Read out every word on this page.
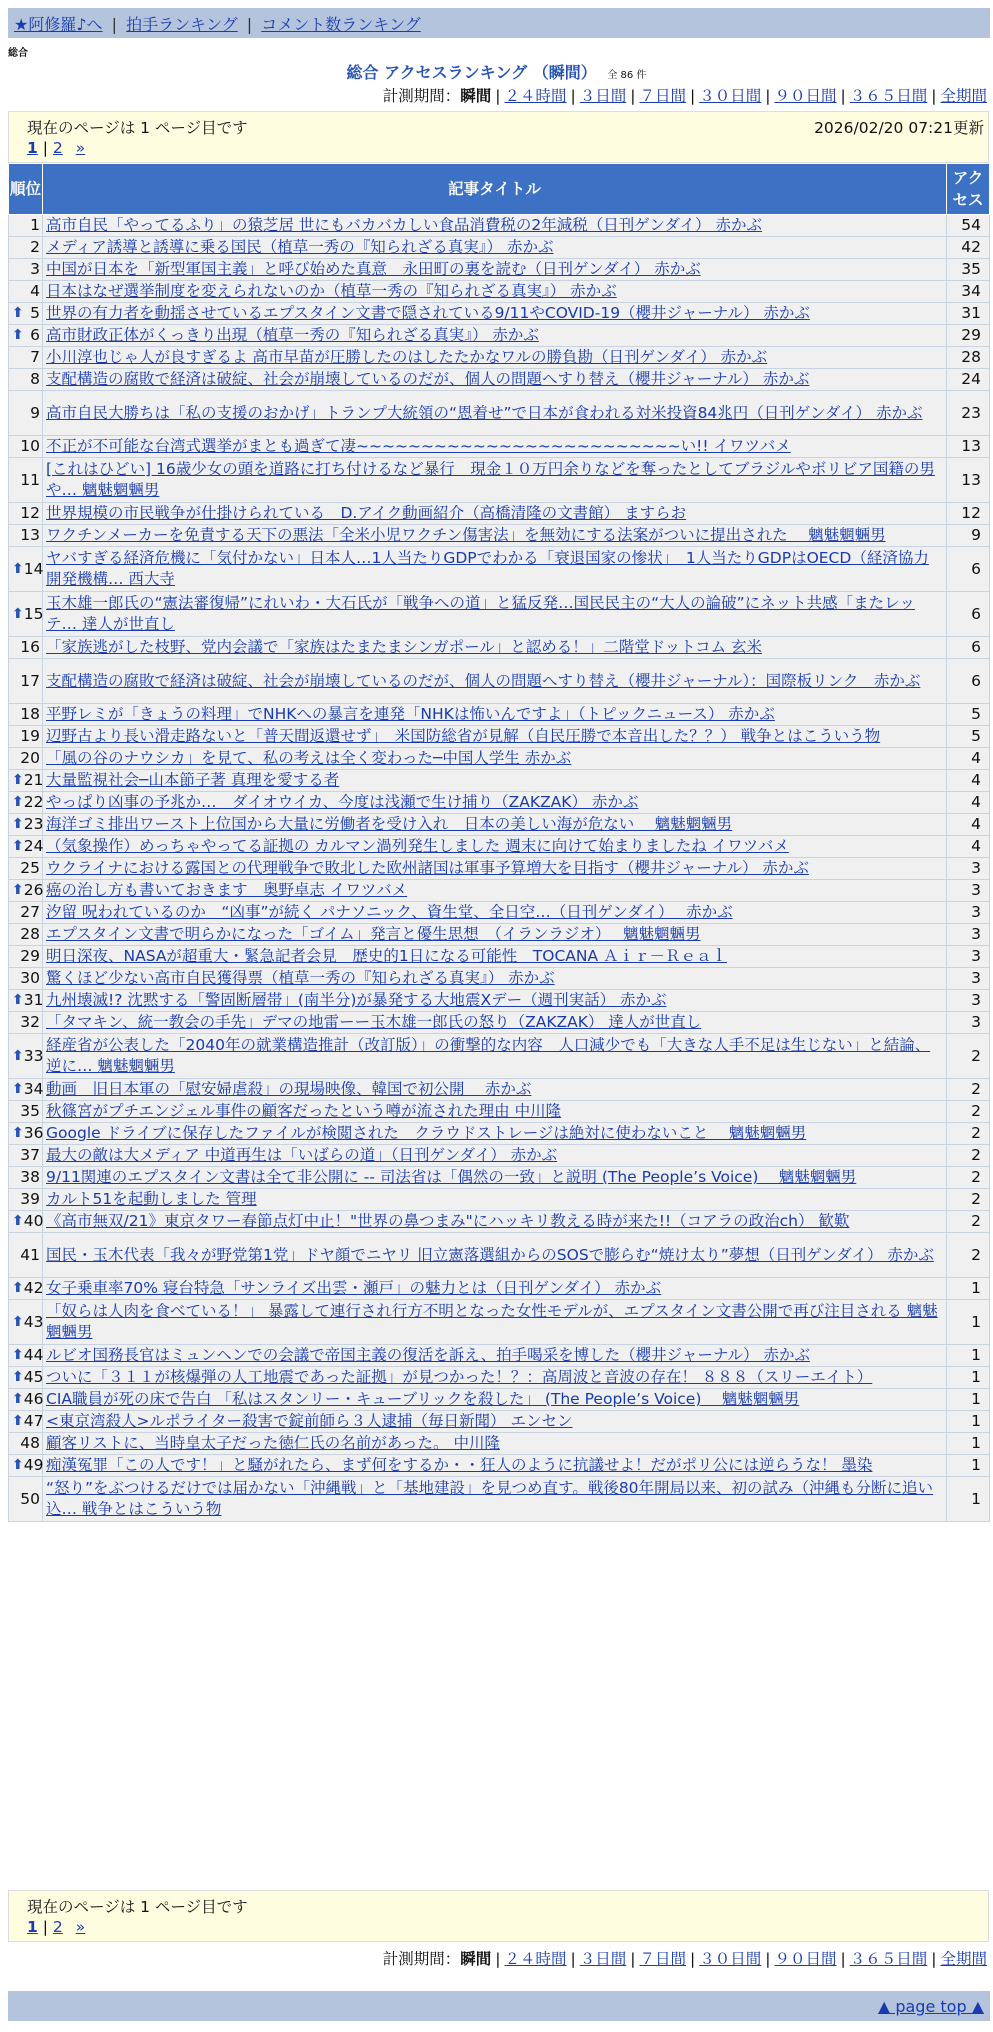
★阿修羅♪へ | 拍手ランキング | コメント数ランキング
総合
総合 アクセスランキング （瞬間） 全 86 件
計測期間：瞬間 | ２４時間 | ３日間 | ７日間 | ３０日間 | ９０日間 | ３６５日間 | 全期間
現在のページは 1 ページ目です	2026/02/20 07:21更新
1 | 2 »
順位	記事タイトル	アクセス
1	高市自民「やってるふり」の猿芝居 世にもバカバカしい食品消費税の2年減税（日刊ゲンダイ） 赤かぶ	54
2	メディア誘導と誘導に乗る国民（植草一秀の『知られざる真実』） 赤かぶ	42
3	中国が日本を「新型軍国主義」と呼び始めた真意　永田町の裏を読む（日刊ゲンダイ） 赤かぶ	35
4	日本はなぜ選挙制度を変えられないのか（植草一秀の『知られざる真実』） 赤かぶ	34

⬆ 5	世界の有力者を動揺させているエプスタイン文書で隠されている9/11やCOVID-19（櫻井ジャーナル） 赤かぶ	31

⬆ 6	高市財政正体がくっきり出現（植草一秀の『知られざる真実』） 赤かぶ	29
7	小川淳也じゃ人が良すぎるよ 高市早苗が圧勝したのはしたたかなワルの勝負勘（日刊ゲンダイ） 赤かぶ	28
8	支配構造の腐敗で経済は破綻、社会が崩壊しているのだが、個人の問題へすり替え（櫻井ジャーナル） 赤かぶ	24
9	高市自民大勝ちは「私の支援のおかげ」トランプ大統領の“恩着せ”で日本が食われる対米投資84兆円（日刊ゲンダイ） 赤かぶ	23
10	不正が不可能な台湾式選挙がまとも過ぎて凄~~~~~~~~~~~~~~~~~~~~~~~~~い!! イワツバメ	13
11	[これはひどい] 16歳少女の頭を道路に打ち付けるなど暴行　現金１０万円余りなどを奪ったとしてブラジルやボリビア国籍の男や… 魑魅魍魎男	13
12	世界規模の市民戦争が仕掛けられている　D.アイク動画紹介（高橋清隆の文書館） ますらお	12
13	ワクチンメーカーを免責する天下の悪法「全米小児ワクチン傷害法」を無効にする法案がついに提出された　 魑魅魍魎男	9

⬆ 14	ヤバすぎる経済危機に「気付かない」日本人…1人当たりGDPでわかる「衰退国家の惨状」　1人当たりGDPはOECD（経済協力開発機構… 西大寺	6

⬆ 15	玉木雄一郎氏の“憲法審復帰”にれいわ・大石氏が「戦争への道」と猛反発…国民民主の“大人の論破”にネット共感「またレッテ… 達人が世直し	6
16	「家族逃がした枝野、党内会議で「家族はたまたまシンガポール」と認める！」二階堂ドットコム 玄米	6
17	支配構造の腐敗で経済は破綻、社会が崩壊しているのだが、個人の問題へすり替え（櫻井ジャーナル）：国際板リンク　赤かぶ	6
18	平野レミが「きょうの料理」でNHKへの暴言を連発「NHKは怖いんですよ」（トピックニュース） 赤かぶ	5
19	辺野古より長い滑走路ないと「普天間返還せず」　米国防総省が見解（自民圧勝で本音出した？？） 戦争とはこういう物	5
20	「風の谷のナウシカ」を見て、私の考えは全く変わった─中国人学生 赤かぶ	4

⬆ 21	大量監視社会─山本節子著 真理を愛する者	4

⬆ 22	やっぱり凶事の予兆か…　ダイオウイカ、今度は浅瀬で生け捕り（ZAKZAK） 赤かぶ	4

⬆ 23	海洋ゴミ排出ワースト上位国から大量に労働者を受け入れ　日本の美しい海が危ない　 魑魅魍魎男	4

⬆ 24	（気象操作）めっちゃやってる証拠の カルマン渦列発生しました 週末に向けて始まりましたね イワツバメ	4
25	ウクライナにおける露国との代理戦争で敗北した欧州諸国は軍事予算増大を目指す（櫻井ジャーナル） 赤かぶ	3

⬆ 26	癌の治し方も書いておきます　奥野卓志 イワツバメ	3
27	汐留 呪われているのか　“凶事”が続く パナソニック、資生堂、全日空…（日刊ゲンダイ）　 赤かぶ	3
28	エプスタイン文書で明らかになった「ゴイム」発言と優生思想　（イランラジオ）　 魑魅魍魎男	3
29	明日深夜、NASAが超重大・緊急記者会見　歴史的1日になる可能性　TOCANA Ａｉｒ－Ｒｅａｌ	3
30	驚くほど少ない高市自民獲得票（植草一秀の『知られざる真実』） 赤かぶ	3

⬆ 31	九州壊滅!? 沈黙する「警固断層帯」(南半分)が暴発する大地震Xデー（週刊実話） 赤かぶ	3
32	「タマキン、統一教会の手先」デマの地雷ーー玉木雄一郎氏の怒り（ZAKZAK） 達人が世直し	3

⬆ 33	経産省が公表した「2040年の就業構造推計（改訂版）」の衝撃的な内容　人口減少でも「大きな人手不足は生じない」と結論、逆に… 魑魅魍魎男	2

⬆ 34	動画　旧日本軍の「慰安婦虐殺」の現場映像、韓国で初公開　 赤かぶ	2
35	秋篠宮がプチエンジェル事件の顧客だったという噂が流された理由 中川隆	2

⬆ 36	Google ドライブに保存したファイルが検閲された　クラウドストレージは絶対に使わないこと　 魑魅魍魎男	2
37	最大の敵は大メディア 中道再生は「いばらの道」（日刊ゲンダイ） 赤かぶ	2
38	9/11関連のエプスタイン文書は全て非公開に -- 司法省は「偶然の一致」と説明 (The People’s Voice)　 魑魅魍魎男	2
39	カルト51を起動しました 管理	2

⬆ 40	《高市無双/21》東京タワー春節点灯中止！"世界の鼻つまみ"にハッキリ教える時が来た!!（コアラの政治ch） 歓歎	2
41	国民・玉木代表「我々が野党第1党」ドヤ顔でニヤリ 旧立憲落選組からのSOSで膨らむ“焼け太り”夢想（日刊ゲンダイ） 赤かぶ	2

⬆ 42	女子乗車率70% 寝台特急「サンライズ出雲・瀬戸」の魅力とは（日刊ゲンダイ） 赤かぶ	1

⬆ 43	「奴らは人肉を食べている！」 暴露して連行され行方不明となった女性モデルが、エプスタイン文書公開で再び注目される 魑魅魍魎男	1

⬆ 44	ルビオ国務長官はミュンヘンでの会議で帝国主義の復活を訴え、拍手喝采を博した（櫻井ジャーナル） 赤かぶ	1

⬆ 45	ついに「３１１が核爆弾の人工地震であった証拠」が見つかった！？：高周波と音波の存在！ ８８８（スリーエイト）	1

⬆ 46	CIA職員が死の床で告白 「私はスタンリー・キューブリックを殺した」 (The People’s Voice)　 魑魅魍魎男	1

⬆ 47	<東京湾殺人>ルポライター殺害で錠前師ら３人逮捕（毎日新聞） エンセン	1
48	顧客リストに、当時皇太子だった徳仁氏の名前があった。 中川隆	1

⬆ 49	痴漢冤罪「この人です！」と騒がれたら、まず何をするか・・狂人のように抗議せよ！だがポリ公には逆らうな！ 墨染	1
50	“怒り”をぶつけるだけでは届かない「沖縄戦」と「基地建設」を見つめ直す。戦後80年開局以来、初の試み（沖縄も分断に追い込… 戦争とはこういう物	1
現在のページは 1 ページ目です
1 | 2 »
計測期間：瞬間 | ２４時間 | ３日間 | ７日間 | ３０日間 | ９０日間 | ３６５日間 | 全期間
▲ page top ▲
